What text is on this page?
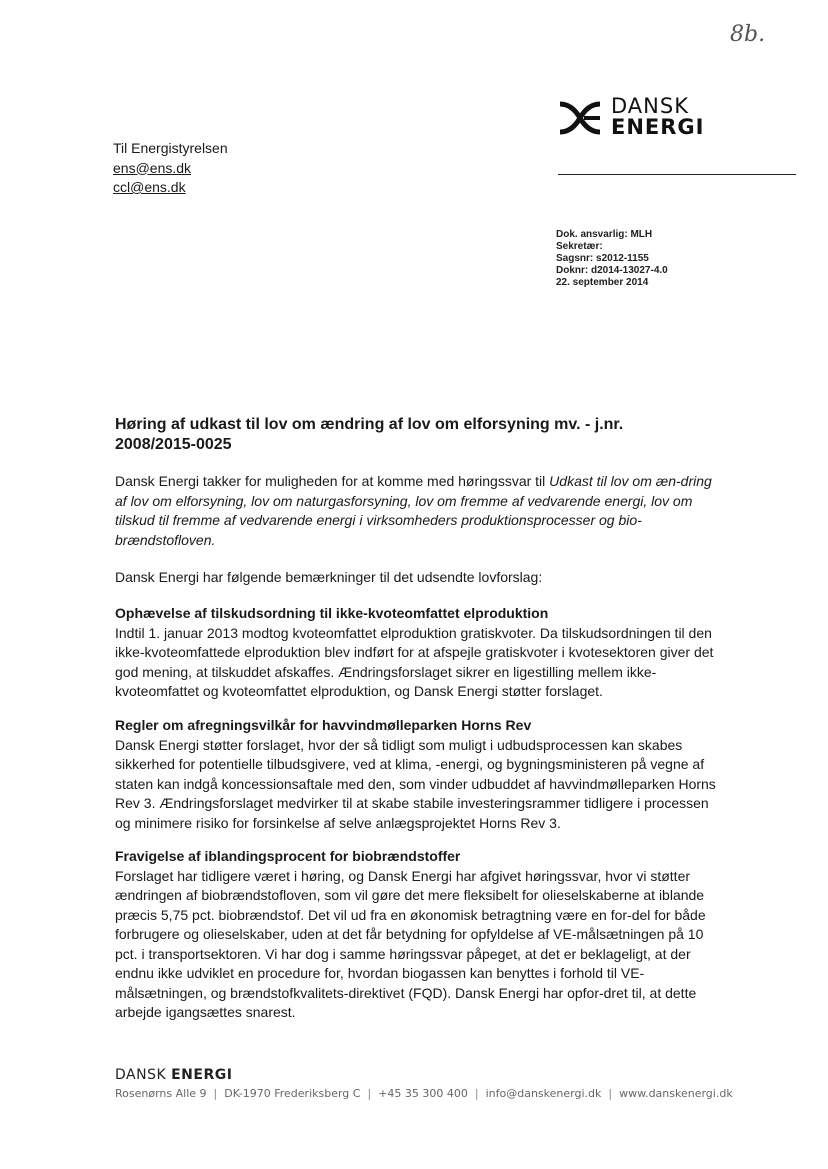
8b.
DANSK
ENERGI
Til Energistyrelsen
ens@ens.dk
ccl@ens.dk
Dok. ansvarlig: MLH
Sekretær:
Sagsnr: s2012-1155
Doknr: d2014-13027-4.0
22. september 2014
Høring af udkast til lov om ændring af lov om elforsyning mv. - j.nr. 2008/2015-0025

Dansk Energi takker for muligheden for at komme med høringssvar til Udkast til lov om æn-dring af lov om elforsyning, lov om naturgasforsyning, lov om fremme af vedvarende energi, lov om tilskud til fremme af vedvarende energi i virksomheders produktionsprocesser og bio-brændstofloven.

Dansk Energi har følgende bemærkninger til det udsendte lovforslag:

Ophævelse af tilskudsordning til ikke-kvoteomfattet elproduktion

Indtil 1. januar 2013 modtog kvoteomfattet elproduktion gratiskvoter. Da tilskudsordningen til den ikke-kvoteomfattede elproduktion blev indført for at afspejle gratiskvoter i kvotesektoren giver det god mening, at tilskuddet afskaffes. Ændringsforslaget sikrer en ligestilling mellem ikke-kvoteomfattet og kvoteomfattet elproduktion, og Dansk Energi støtter forslaget.

Regler om afregningsvilkår for havvindmølleparken Horns Rev

Dansk Energi støtter forslaget, hvor der så tidligt som muligt i udbudsprocessen kan skabes sikkerhed for potentielle tilbudsgivere, ved at klima, -energi, og bygningsministeren på vegne af staten kan indgå koncessionsaftale med den, som vinder udbuddet af havvindmølleparken Horns Rev 3. Ændringsforslaget medvirker til at skabe stabile investeringsrammer tidligere i processen og minimere risiko for forsinkelse af selve anlægsprojektet Horns Rev 3.

Fravigelse af iblandingsprocent for biobrændstoffer

Forslaget har tidligere været i høring, og Dansk Energi har afgivet høringssvar, hvor vi støtter ændringen af biobrændstofloven, som vil gøre det mere fleksibelt for olieselskaberne at iblande præcis 5,75 pct. biobrændstof. Det vil ud fra en økonomisk betragtning være en for-del for både forbrugere og olieselskaber, uden at det får betydning for opfyldelse af VE-målsætningen på 10 pct. i transportsektoren. Vi har dog i samme høringssvar påpeget, at det er beklageligt, at der endnu ikke udviklet en procedure for, hvordan biogassen kan benyttes i forhold til VE-målsætningen, og brændstofkvalitets-direktivet (FQD). Dansk Energi har opfor-dret til, at dette arbejde igangsættes snarest.

DANSK ENERGI
Rosenørns Alle 9 | DK-1970 Frederiksberg C | +45 35 300 400 | info@danskenergi.dk | www.danskenergi.dk
